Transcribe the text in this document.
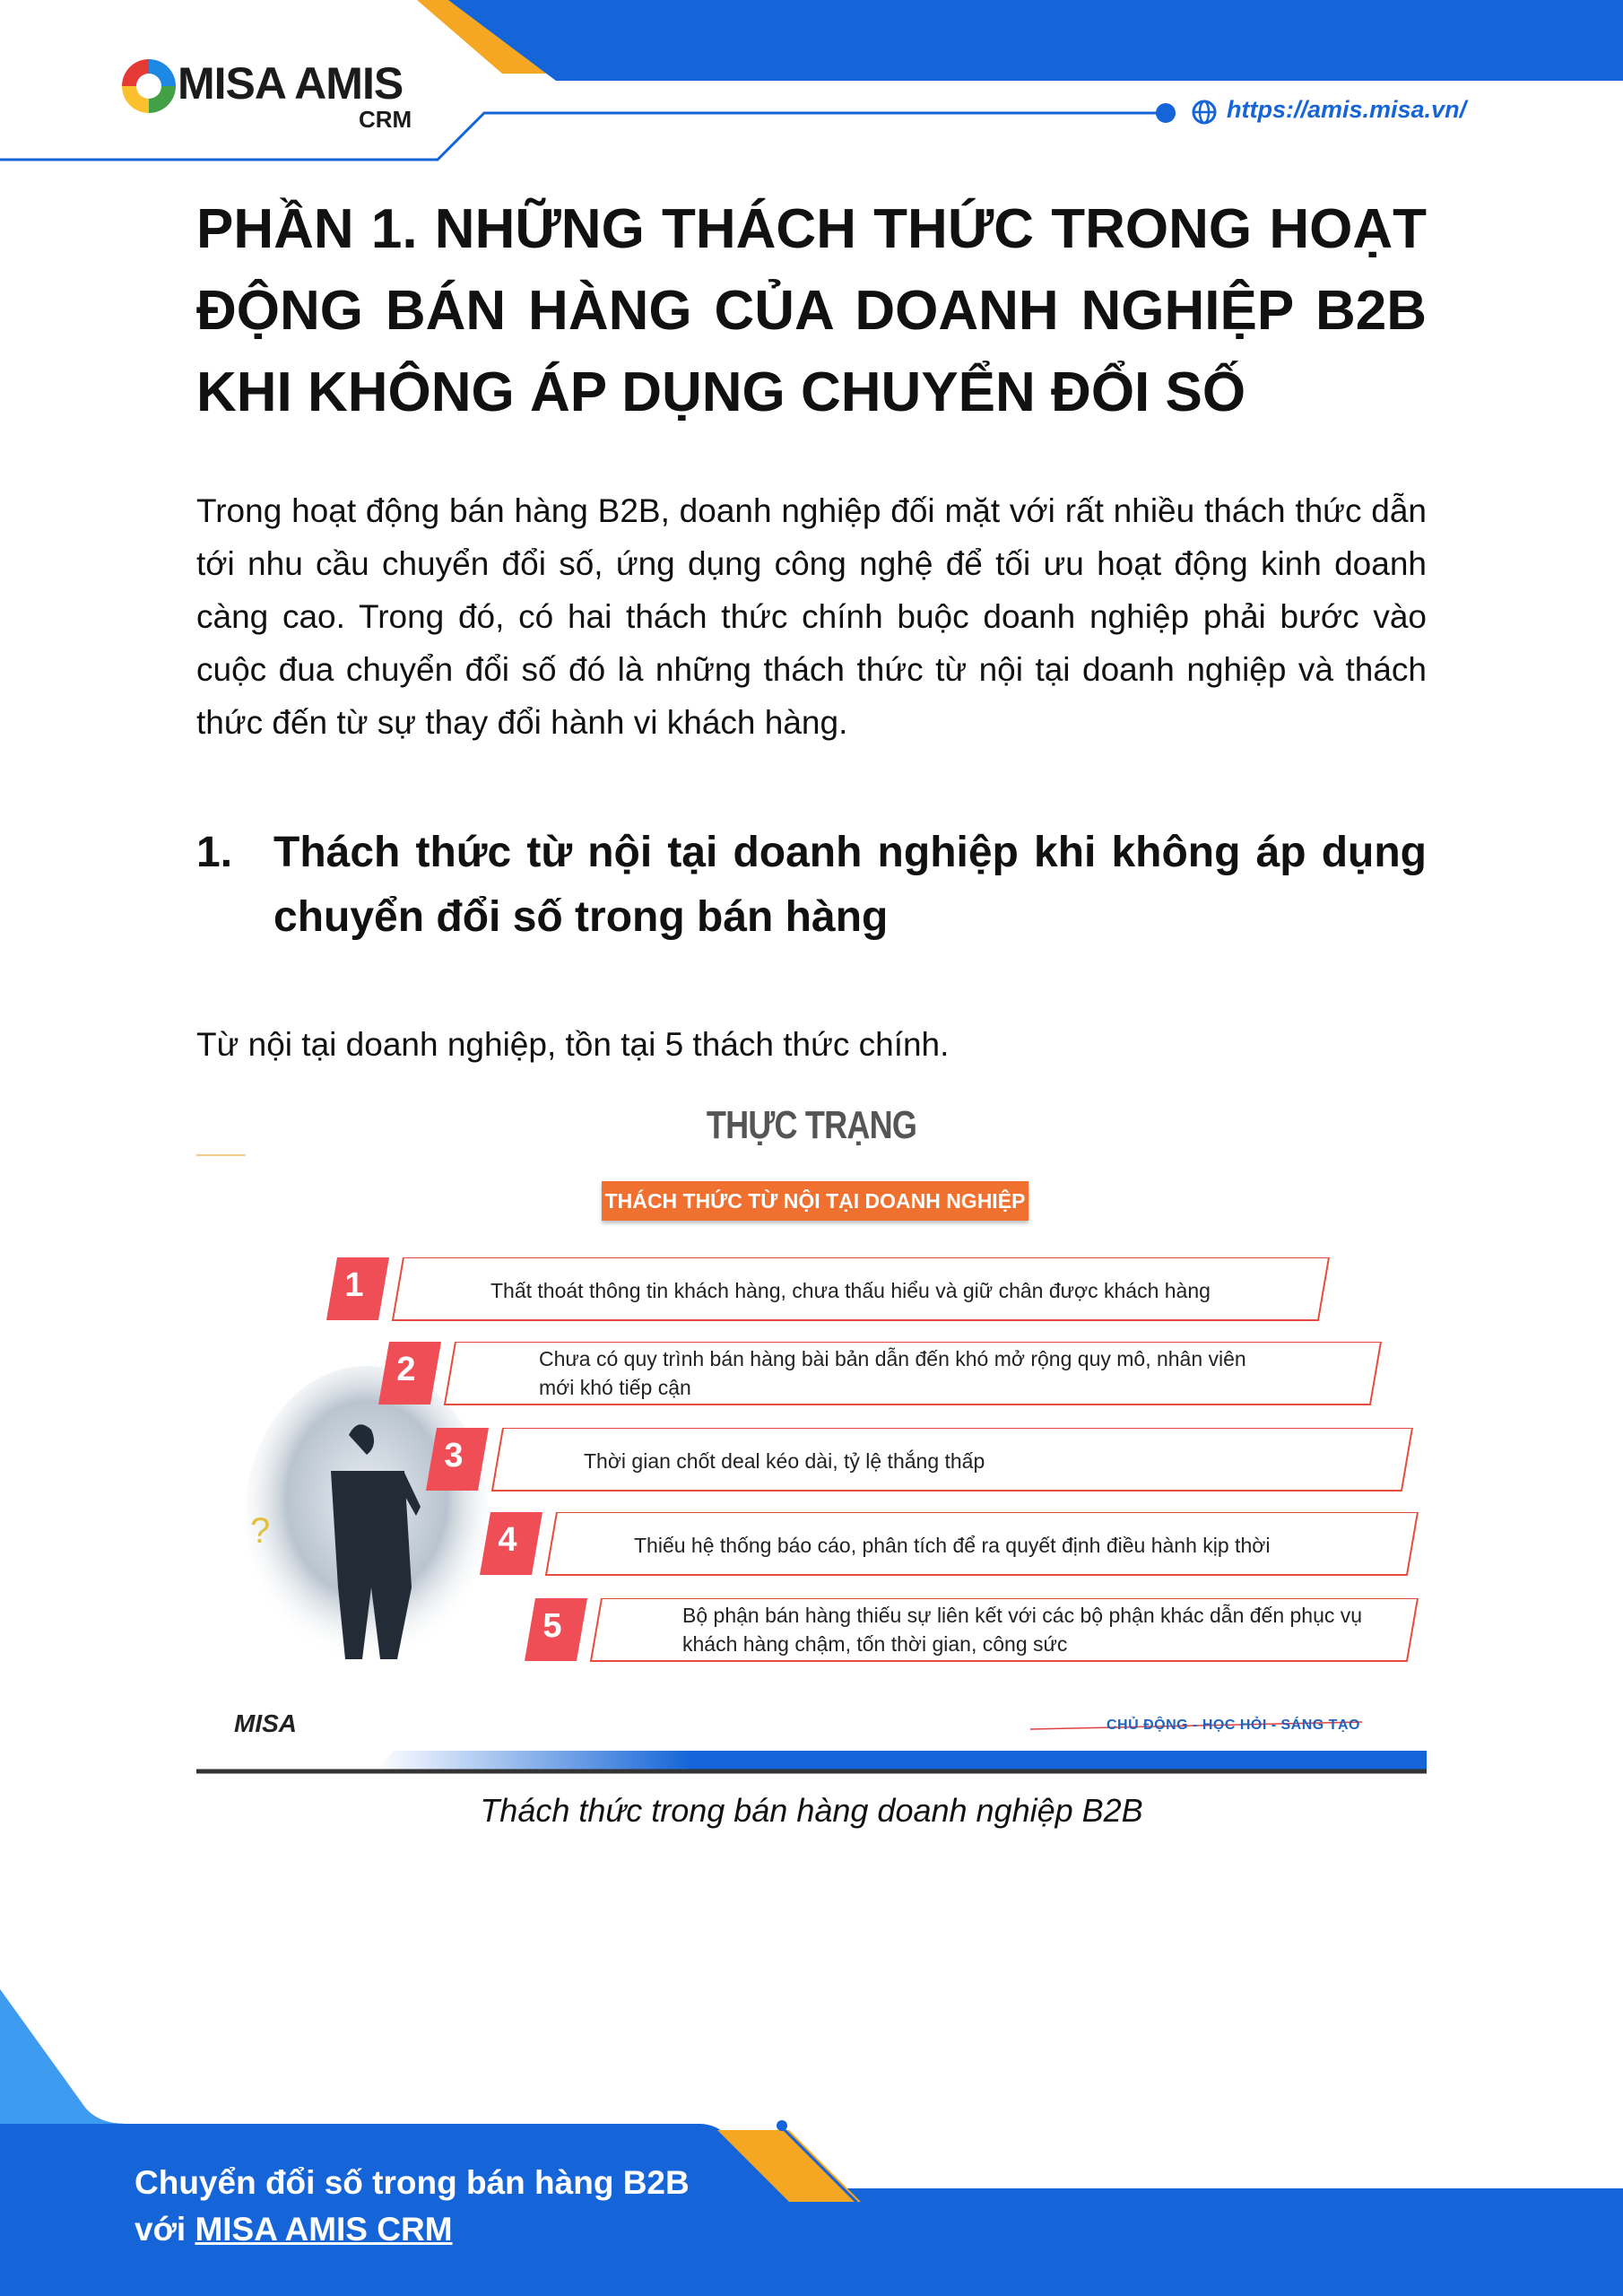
MISA AMIS
CRM	https://amis.misa.vn/
PHẦN 1. NHỮNG THÁCH THỨC TRONG HOẠT
ĐỘNG BÁN HÀNG CỦA DOANH NGHIỆP B2B
KHI KHÔNG ÁP DỤNG CHUYỂN ĐỔI SỐ

Trong hoạt động bán hàng B2B, doanh nghiệp đối mặt với rất nhiều thách thức dẫn tới nhu cầu chuyển đổi số, ứng dụng công nghệ để tối ưu hoạt động kinh doanh càng cao. Trong đó, có hai thách thức chính buộc doanh nghiệp phải bước vào cuộc đua chuyển đổi số đó là những thách thức từ nội tại doanh nghiệp và thách thức đến từ sự thay đổi hành vi khách hàng.

1. Thách thức từ nội tại doanh nghiệp khi không áp dụng chuyển đổi số trong bán hàng

Từ nội tại doanh nghiệp, tồn tại 5 thách thức chính.

?
THỰC TRẠNG
THÁCH THỨC TỪ NỘI TẠI DOANH NGHIỆP
1	Thất thoát thông tin khách hàng, chưa thấu hiểu và giữ chân được khách hàng
2	Chưa có quy trình bán hàng bài bản dẫn đến khó mở rộng quy mô, nhân viên mới khó tiếp cận
3	Thời gian chốt deal kéo dài, tỷ lệ thắng thấp
4	Thiếu hệ thống báo cáo, phân tích để ra quyết định điều hành kịp thời
5	Bộ phận bán hàng thiếu sự liên kết với các bộ phận khác dẫn đến phục vụ khách hàng chậm, tốn thời gian, công sức
MISA	CHỦ ĐỘNG - HỌC HỎI - SÁNG TẠO
Thách thức trong bán hàng doanh nghiệp B2B
Chuyển đổi số trong bán hàng B2B
với MISA AMIS CRM
